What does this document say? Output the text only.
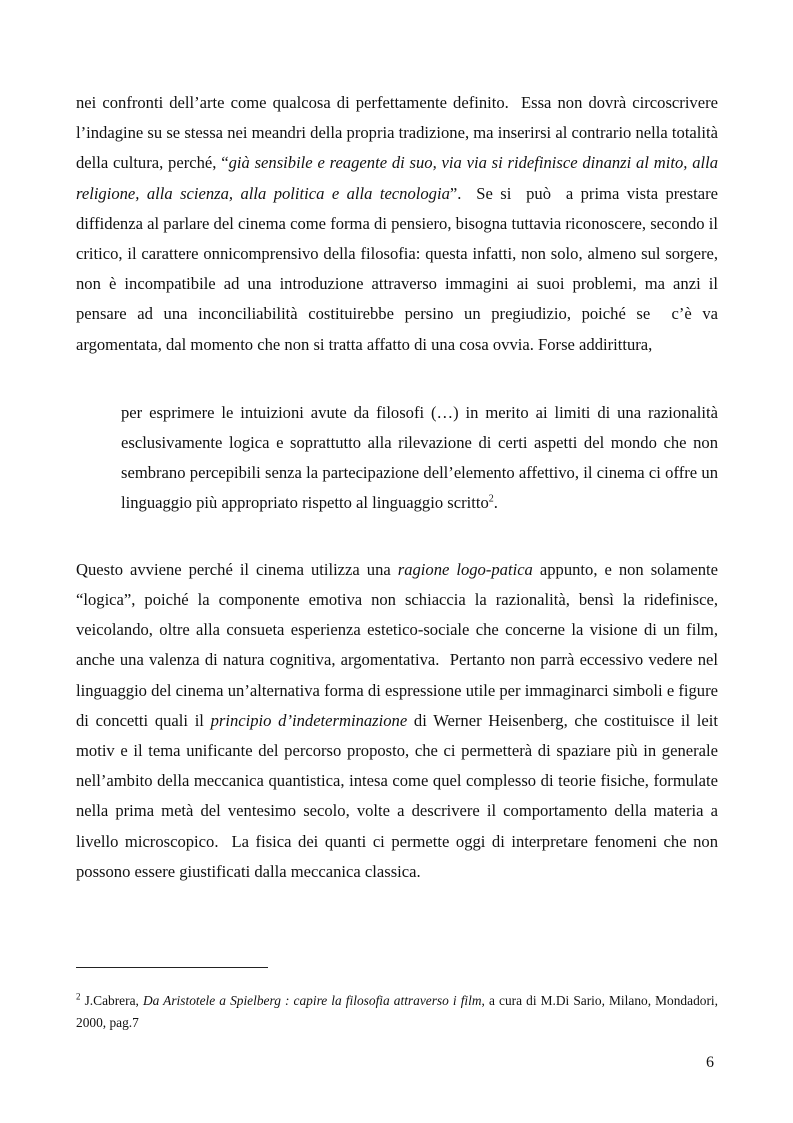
nei confronti dell’arte come qualcosa di perfettamente definito.  Essa non dovrà circoscrivere l’indagine su se stessa nei meandri della propria tradizione, ma inserirsi al contrario nella totalità della cultura, perché, “già sensibile e reagente di suo, via via si ridefinisce dinanzi al mito, alla religione, alla scienza, alla politica e alla tecnologia”.  Se si  può  a prima vista prestare diffidenza al parlare del cinema come forma di pensiero, bisogna tuttavia riconoscere, secondo il critico, il carattere onnicomprensivo della filosofia: questa infatti, non solo, almeno sul sorgere, non è incompatibile ad una introduzione attraverso immagini ai suoi problemi, ma anzi il pensare ad una inconciliabilità costituirebbe persino un pregiudizio, poiché se  c’è va argomentata, dal momento che non si tratta affatto di una cosa ovvia. Forse addirittura,

per esprimere le intuizioni avute da filosofi (…) in merito ai limiti di una razionalità esclusivamente logica e soprattutto alla rilevazione di certi aspetti del mondo che non sembrano percepibili senza la partecipazione dell’elemento affettivo, il cinema ci offre un linguaggio più appropriato rispetto al linguaggio scritto$^2$.

Questo avviene perché il cinema utilizza una ragione logo-patica appunto, e non solamente “logica”, poiché la componente emotiva non schiaccia la razionalità, bensì la ridefinisce, veicolando, oltre alla consueta esperienza estetico-sociale che concerne la visione di un film, anche una valenza di natura cognitiva, argomentativa.  Pertanto non parrà eccessivo vedere nel linguaggio del cinema un’alternativa forma di espressione utile per immaginarci simboli e figure di concetti quali il principio d’indeterminazione di Werner Heisenberg, che costituisce il leit motiv e il tema unificante del percorso proposto, che ci permetterà di spaziare più in generale nell’ambito della meccanica quantistica, intesa come quel complesso di teorie fisiche, formulate nella prima metà del ventesimo secolo, volte a descrivere il comportamento della materia a livello microscopico.  La fisica dei quanti ci permette oggi di interpretare fenomeni che non possono essere giustificati dalla meccanica classica.

$^2$ J.Cabrera, Da Aristotele a Spielberg : capire la filosofia attraverso i film, a cura di M.Di Sario, Milano, Mondadori, 2000, pag.7

6
